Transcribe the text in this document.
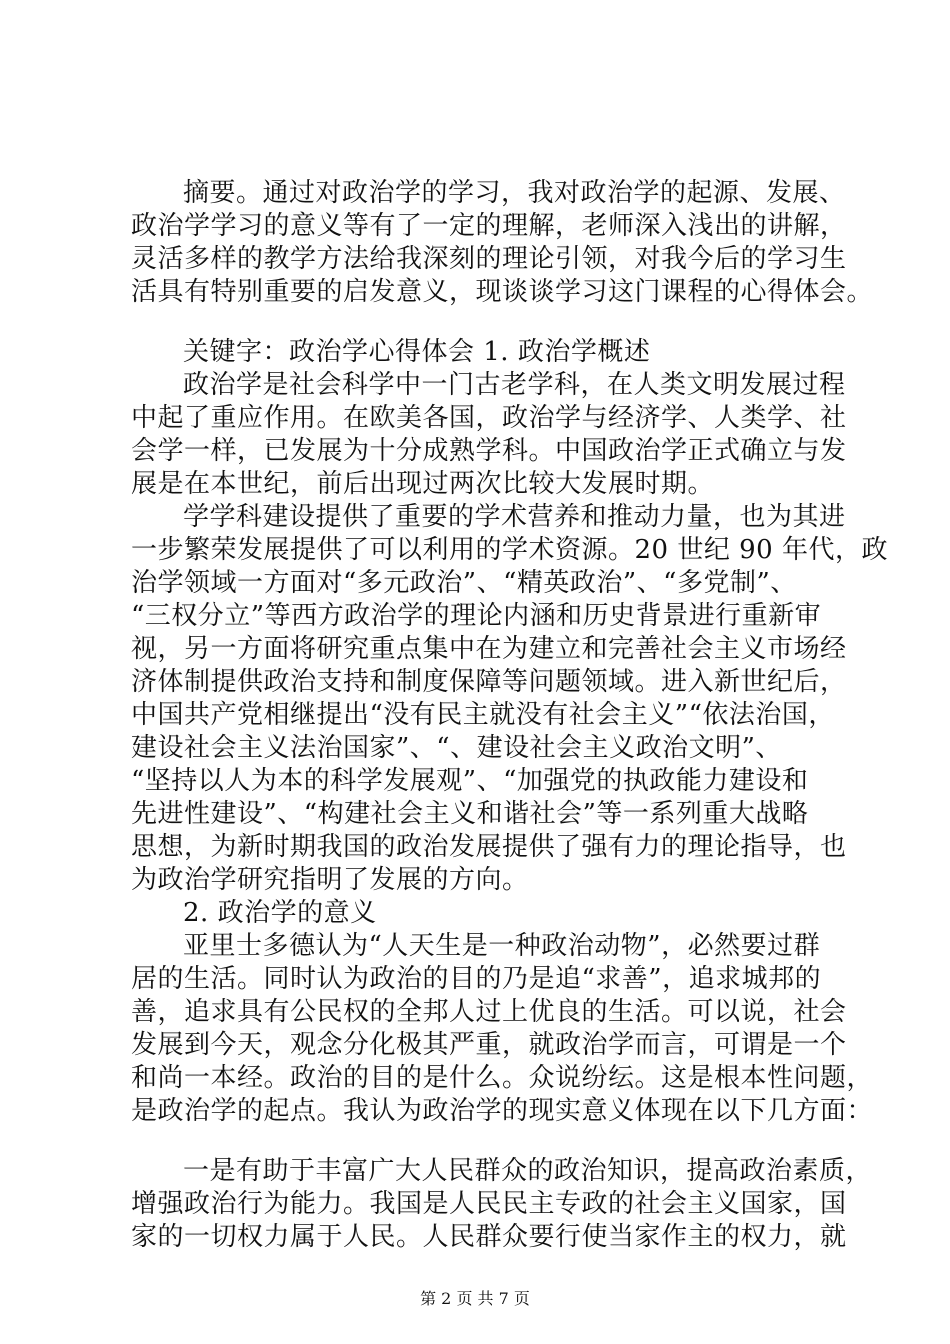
摘要。通过对政治学的学习，我对政治学的起源、发展、
政治学学习的意义等有了一定的理解，老师深入浅出的讲解，
灵活多样的教学方法给我深刻的理论引领，对我今后的学习生
活具有特别重要的启发意义，现谈谈学习这门课程的心得体会。
关键字：政治学心得体会 1. 政治学概述
政治学是社会科学中一门古老学科，在人类文明发展过程
中起了重应作用。在欧美各国，政治学与经济学、人类学、社
会学一样，已发展为十分成熟学科。中国政治学正式确立与发
展是在本世纪，前后出现过两次比较大发展时期。
学学科建设提供了重要的学术营养和推动力量，也为其进
一步繁荣发展提供了可以利用的学术资源。20 世纪 90 年代，政
治学领域一方面对“多元政治”、“精英政治”、“多党制”、
“三权分立”等西方政治学的理论内涵和历史背景进行重新审
视，另一方面将研究重点集中在为建立和完善社会主义市场经
济体制提供政治支持和制度保障等问题领域。进入新世纪后，
中国共产党相继提出“没有民主就没有社会主义”“依法治国，
建设社会主义法治国家”、“、建设社会主义政治文明”、
“坚持以人为本的科学发展观”、“加强党的执政能力建设和
先进性建设”、“构建社会主义和谐社会”等一系列重大战略
思想，为新时期我国的政治发展提供了强有力的理论指导，也
为政治学研究指明了发展的方向。
2. 政治学的意义
亚里士多德认为“人天生是一种政治动物”，必然要过群
居的生活。同时认为政治的目的乃是追“求善”，追求城邦的
善，追求具有公民权的全邦人过上优良的生活。可以说，社会
发展到今天，观念分化极其严重，就政治学而言，可谓是一个
和尚一本经。政治的目的是什么。众说纷纭。这是根本性问题，
是政治学的起点。我认为政治学的现实意义体现在以下几方面：
一是有助于丰富广大人民群众的政治知识，提高政治素质，
增强政治行为能力。我国是人民民主专政的社会主义国家，国
家的一切权力属于人民。人民群众要行使当家作主的权力，就
第 2 页 共 7 页
